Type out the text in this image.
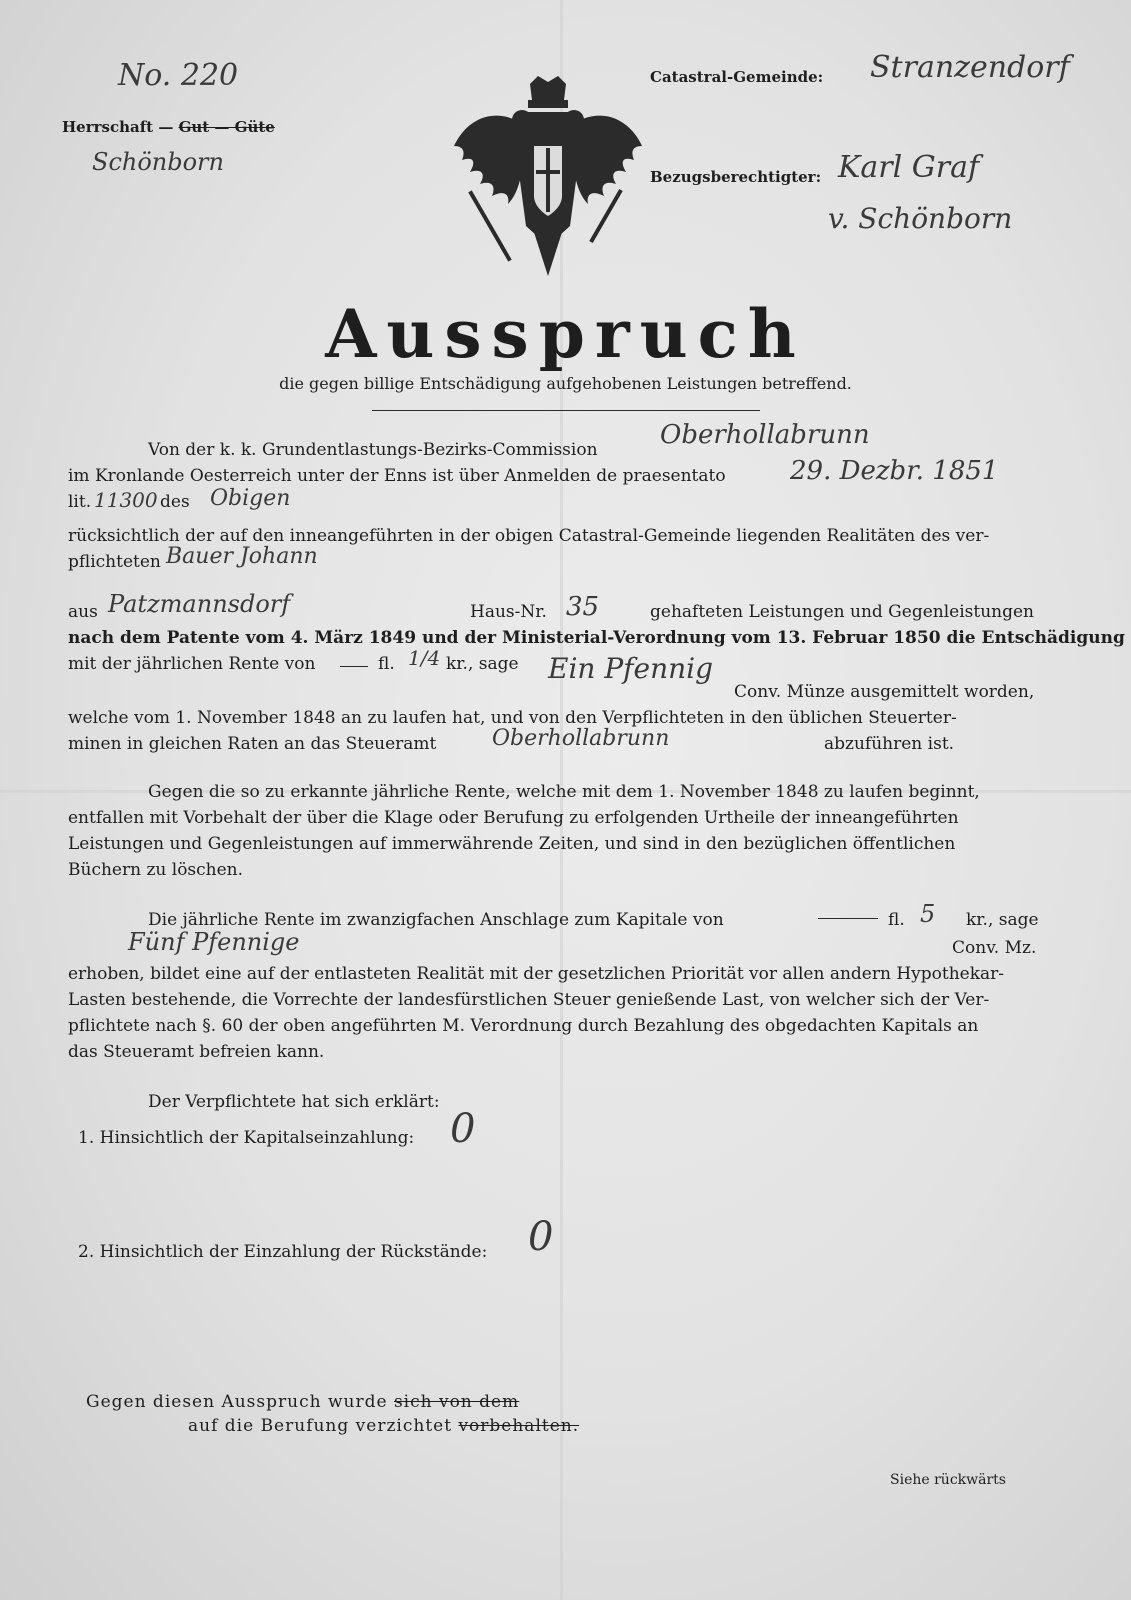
No. 220
Herrschaft — Gut — Güte
Schönborn
Catastral-Gemeinde: Stranzendorf
Bezugsberechtigter: Karl Graf
v. Schönborn
Ausspruch
die gegen billige Entschädigung aufgehobenen Leistungen betreffend.
Oberhollabrunn
Von der k. k. Grundentlastungs-Bezirks-Commission
im Kronlande Oesterreich unter der Enns ist über Anmelden de praesentato 29. Dezbr. 1851
lit. 11300 des Obigen
rücksichtlich der auf den inneangeführten in der obigen Catastral-Gemeinde liegenden Realitäten des ver-
pflichteten Bauer Johann
aus Patzmannsdorf	Haus-Nr. 35	gehafteten Leistungen und Gegenleistungen
nach dem Patente vom 4. März 1849 und der Ministerial-Verordnung vom 13. Februar 1850 die Entschädigung
mit der jährlichen Rente von	fl. 1/4 kr., sage Ein Pfennig
Conv. Münze ausgemittelt worden,
welche vom 1. November 1848 an zu laufen hat, und von den Verpflichteten in den üblichen Steuerter-
minen in gleichen Raten an das Steueramt	Oberhollabrunn	abzuführen ist.
Gegen die so zu erkannte jährliche Rente, welche mit dem 1. November 1848 zu laufen beginnt,
entfallen mit Vorbehalt der über die Klage oder Berufung zu erfolgenden Urtheile der inneangeführten
Leistungen und Gegenleistungen auf immerwährende Zeiten, und sind in den bezüglichen öffentlichen
Büchern zu löschen.
Die jährliche Rente im zwanzigfachen Anschlage zum Kapitale von	fl. 5 kr., sage
Fünf Pfennige	Conv. Mz.
erhoben, bildet eine auf der entlasteten Realität mit der gesetzlichen Priorität vor allen andern Hypothekar-
Lasten bestehende, die Vorrechte der landesfürstlichen Steuer genießende Last, von welcher sich der Ver-
pflichtete nach §. 60 der oben angeführten M. Verordnung durch Bezahlung des obgedachten Kapitals an
das Steueramt befreien kann.
Der Verpflichtete hat sich erklärt:
1. Hinsichtlich der Kapitalseinzahlung: 0
2. Hinsichtlich der Einzahlung der Rückstände: 0
Gegen diesen Ausspruch wurde sich von dem
auf die Berufung verzichtet vorbehalten.
Siehe rückwärts
